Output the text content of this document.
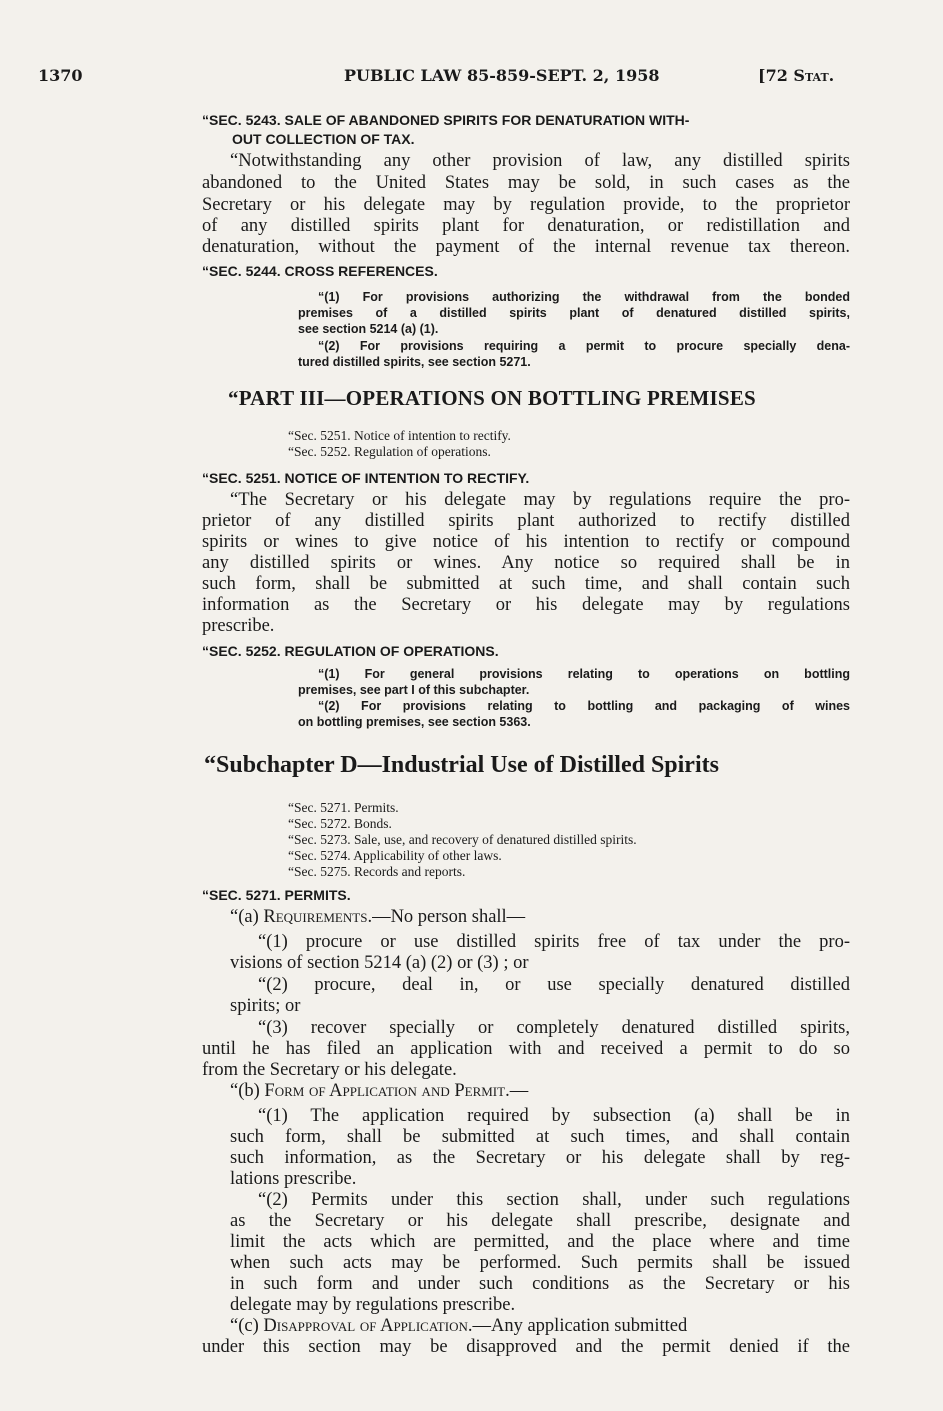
1370	PUBLIC LAW 85-859-SEPT. 2, 1958	[72 Stat.
“SEC. 5243. SALE OF ABANDONED SPIRITS FOR DENATURATION WITH-
OUT COLLECTION OF TAX.
“Notwithstanding any other provision of law, any distilled spirits
abandoned to the United States may be sold, in such cases as the
Secretary or his delegate may by regulation provide, to the proprietor
of any distilled spirits plant for denaturation, or redistillation and
denaturation, without the payment of the internal revenue tax thereon.
“SEC. 5244. CROSS REFERENCES.
“(1) For provisions authorizing the withdrawal from the bonded
premises of a distilled spirits plant of denatured distilled spirits,
see section 5214 (a) (1).
“(2) For provisions requiring a permit to procure specially dena-
tured distilled spirits, see section 5271.
“PART III—OPERATIONS ON BOTTLING PREMISES
“Sec. 5251. Notice of intention to rectify.
“Sec. 5252. Regulation of operations.
“SEC. 5251. NOTICE OF INTENTION TO RECTIFY.
“The Secretary or his delegate may by regulations require the pro-
prietor of any distilled spirits plant authorized to rectify distilled
spirits or wines to give notice of his intention to rectify or compound
any distilled spirits or wines. Any notice so required shall be in
such form, shall be submitted at such time, and shall contain such
information as the Secretary or his delegate may by regulations
prescribe.
“SEC. 5252. REGULATION OF OPERATIONS.
“(1) For general provisions relating to operations on bottling
premises, see part I of this subchapter.
“(2) For provisions relating to bottling and packaging of wines
on bottling premises, see section 5363.
“Subchapter D—Industrial Use of Distilled Spirits
“Sec. 5271. Permits.
“Sec. 5272. Bonds.
“Sec. 5273. Sale, use, and recovery of denatured distilled spirits.
“Sec. 5274. Applicability of other laws.
“Sec. 5275. Records and reports.
“SEC. 5271. PERMITS.
“(a) Requirements.—No person shall—
“(1) procure or use distilled spirits free of tax under the pro-
visions of section 5214 (a) (2) or (3) ; or
“(2) procure, deal in, or use specially denatured distilled
spirits; or
“(3) recover specially or completely denatured distilled spirits,
until he has filed an application with and received a permit to do so
from the Secretary or his delegate.
“(b) Form of Application and Permit.—
“(1) The application required by subsection (a) shall be in
such form, shall be submitted at such times, and shall contain
such information, as the Secretary or his delegate shall by reg-
lations prescribe.
“(2) Permits under this section shall, under such regulations
as the Secretary or his delegate shall prescribe, designate and
limit the acts which are permitted, and the place where and time
when such acts may be performed. Such permits shall be issued
in such form and under such conditions as the Secretary or his
delegate may by regulations prescribe.
“(c) Disapproval of Application.—Any application submitted
under this section may be disapproved and the permit denied if the
